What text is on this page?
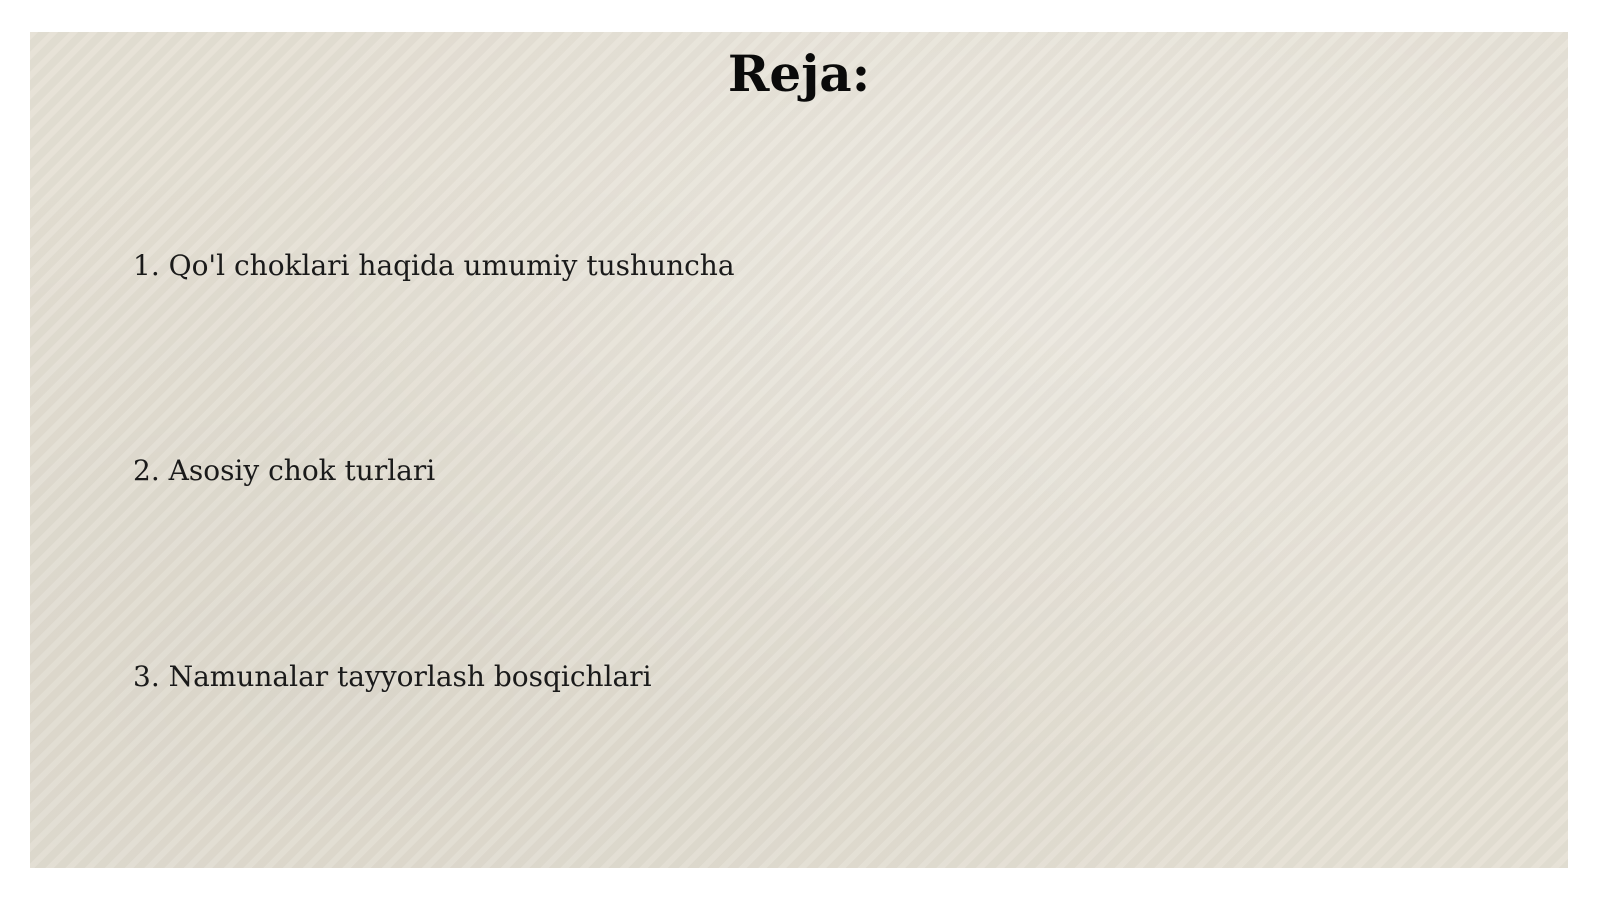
Reja:
1. Qo'l choklari haqida umumiy tushuncha
2. Asosiy chok turlari
3. Namunalar tayyorlash bosqichlari
